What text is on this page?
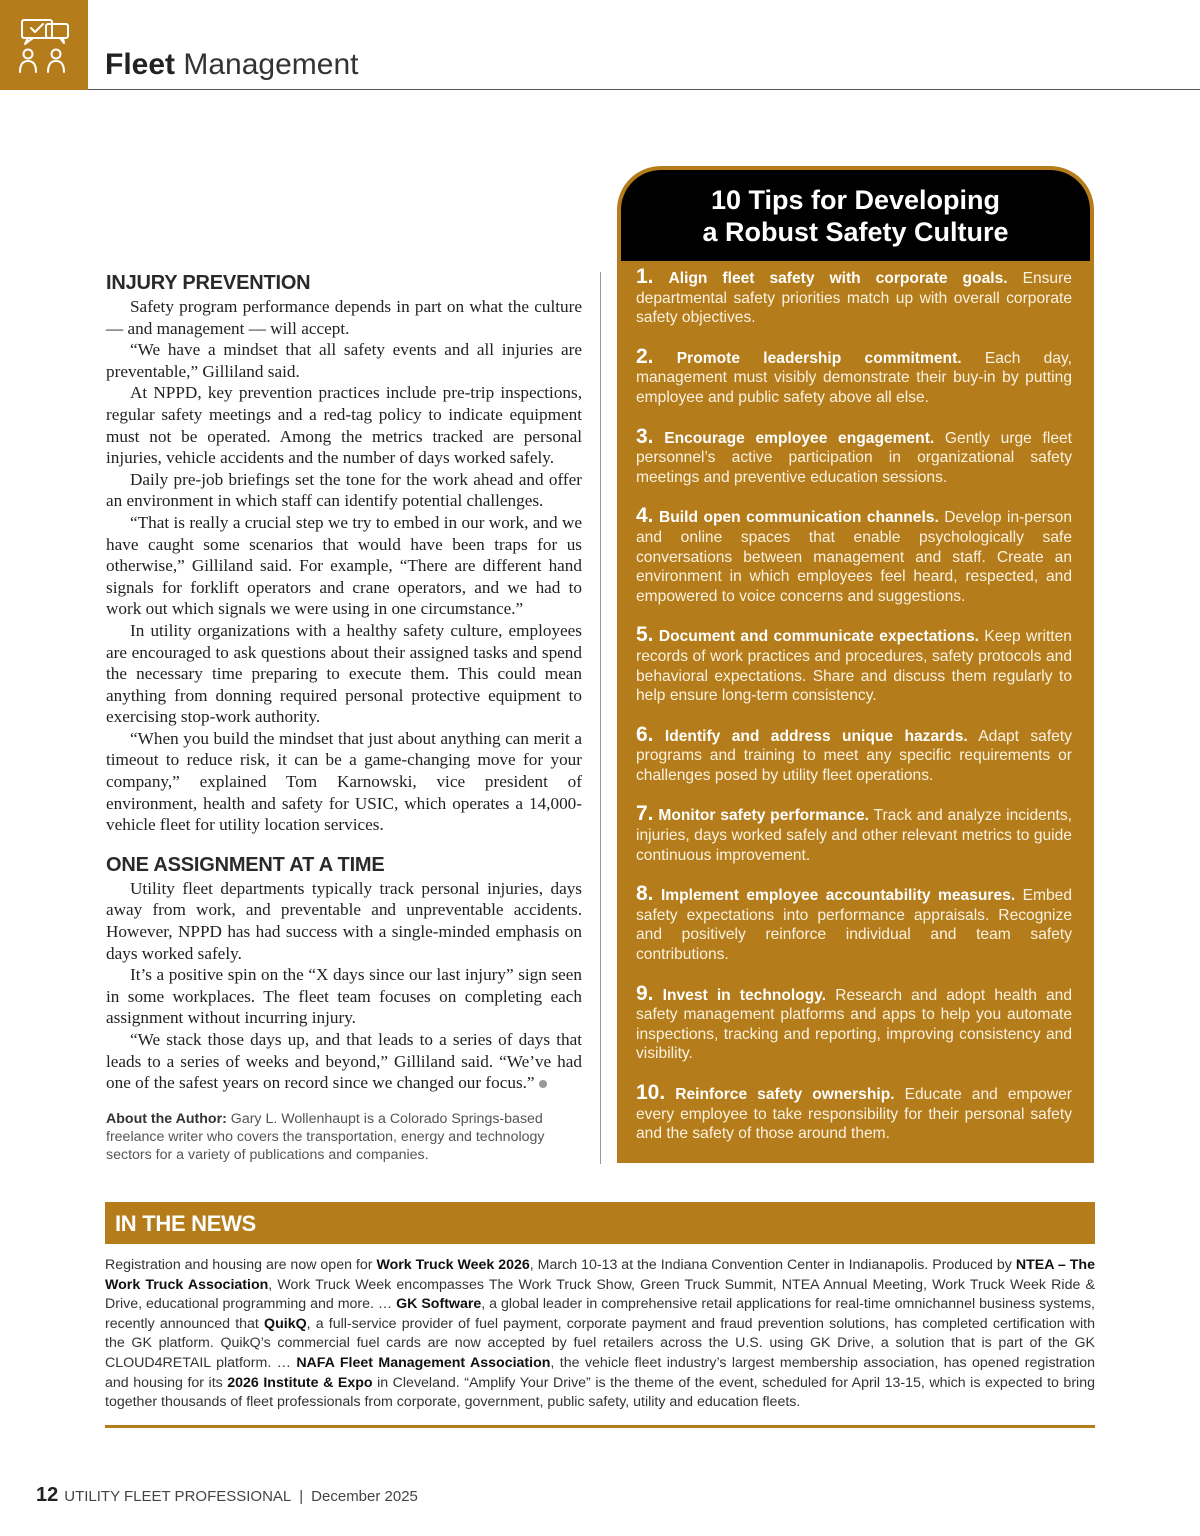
Fleet Management
INJURY PREVENTION

Safety program performance depends in part on what the culture — and management — will accept.

“We have a mindset that all safety events and all injuries are preventable,” Gilliland said.

At NPPD, key prevention practices include pre-trip inspections, regular safety meetings and a red-tag policy to indicate equipment must not be operated. Among the metrics tracked are personal injuries, vehicle accidents and the number of days worked safely.

Daily pre-job briefings set the tone for the work ahead and offer an environment in which staff can identify potential challenges.

“That is really a crucial step we try to embed in our work, and we have caught some scenarios that would have been traps for us otherwise,” Gilliland said. For example, “There are different hand signals for forklift operators and crane operators, and we had to work out which signals we were using in one circumstance.”

In utility organizations with a healthy safety culture, employees are encouraged to ask questions about their assigned tasks and spend the necessary time preparing to execute them. This could mean anything from donning required personal protective equipment to exercising stop-work authority.

“When you build the mindset that just about anything can merit a timeout to reduce risk, it can be a game-changing move for your company,” explained Tom Karnowski, vice president of environment, health and safety for USIC, which operates a 14,000-vehicle fleet for utility location services.

ONE ASSIGNMENT AT A TIME

Utility fleet departments typically track personal injuries, days away from work, and preventable and unpreventable accidents. However, NPPD has had success with a single-minded emphasis on days worked safely.

It’s a positive spin on the “X days since our last injury” sign seen in some workplaces. The fleet team focuses on completing each assignment without incurring injury.

“We stack those days up, and that leads to a series of days that leads to a series of weeks and beyond,” Gilliland said. “We’ve had one of the safest years on record since we changed our focus.”

About the Author: Gary L. Wollenhaupt is a Colorado Springs-based freelance writer who covers the transportation, energy and technology sectors for a variety of publications and companies.
10 Tips for Developing
a Robust Safety Culture
1. Align fleet safety with corporate goals. Ensure departmental safety priorities match up with overall corporate safety objectives.
2. Promote leadership commitment. Each day, management must visibly demonstrate their buy-in by putting employee and public safety above all else.
3. Encourage employee engagement. Gently urge fleet personnel’s active participation in organizational safety meetings and preventive education sessions.
4. Build open communication channels. Develop in-person and online spaces that enable psychologically safe conversations between management and staff. Create an environment in which employees feel heard, respected, and empowered to voice concerns and suggestions.
5. Document and communicate expectations. Keep written records of work practices and procedures, safety protocols and behavioral expectations. Share and discuss them regularly to help ensure long-term consistency.
6. Identify and address unique hazards. Adapt safety programs and training to meet any specific requirements or challenges posed by utility fleet operations.
7. Monitor safety performance. Track and analyze incidents, injuries, days worked safely and other relevant metrics to guide continuous improvement.
8. Implement employee accountability measures. Embed safety expectations into performance appraisals. Recognize and positively reinforce individual and team safety contributions.
9. Invest in technology. Research and adopt health and safety management platforms and apps to help you automate inspections, tracking and reporting, improving consistency and visibility.
10. Reinforce safety ownership. Educate and empower every employee to take responsibility for their personal safety and the safety of those around them.
IN THE NEWS
Registration and housing are now open for Work Truck Week 2026, March 10-13 at the Indiana Convention Center in Indianapolis. Produced by NTEA – The Work Truck Association, Work Truck Week encompasses The Work Truck Show, Green Truck Summit, NTEA Annual Meeting, Work Truck Week Ride & Drive, educational programming and more. … GK Software, a global leader in comprehensive retail applications for real-time omnichannel business systems, recently announced that QuikQ, a full-service provider of fuel payment, corporate payment and fraud prevention solutions, has completed certification with the GK platform. QuikQ’s commercial fuel cards are now accepted by fuel retailers across the U.S. using GK Drive, a solution that is part of the GK CLOUD4RETAIL platform. … NAFA Fleet Management Association, the vehicle fleet industry’s largest membership association, has opened registration and housing for its 2026 Institute & Expo in Cleveland. “Amplify Your Drive” is the theme of the event, scheduled for April 13-15, which is expected to bring together thousands of fleet professionals from corporate, government, public safety, utility and education fleets.
12 UTILITY FLEET PROFESSIONAL | December 2025
